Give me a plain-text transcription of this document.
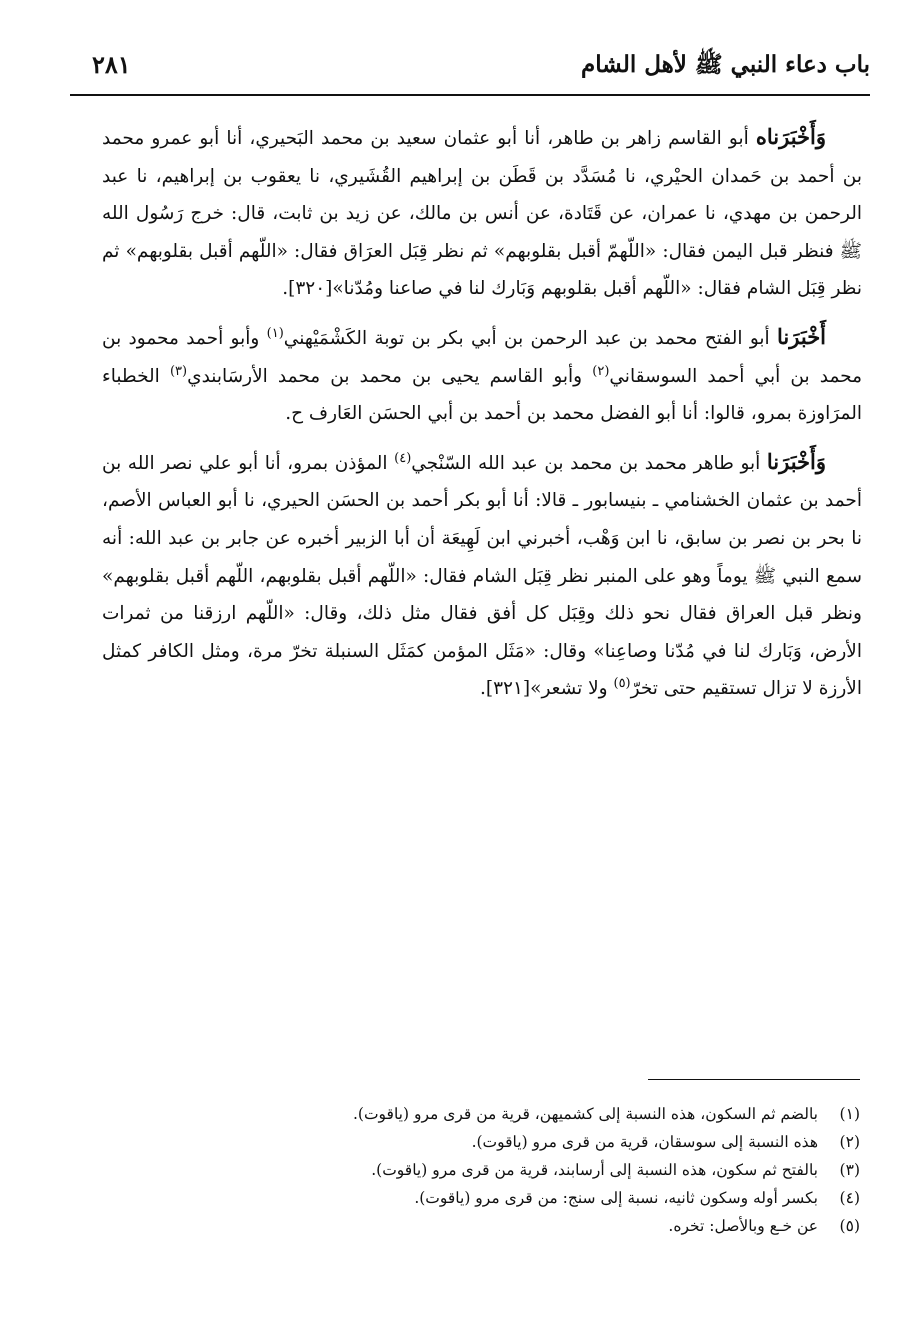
باب دعاء النبي ﷺ لأهل الشام
٢٨١

وَأَخْبَرَناه أبو القاسم زاهر بن طاهر، أنا أبو عثمان سعيد بن محمد البَحيري، أنا أبو عمرو محمد بن أحمد بن حَمدان الحيْري، نا مُسَدَّد بن قَطَن بن إبراهيم القُشَيري، نا يعقوب بن إبراهيم، نا عبد الرحمن بن مهدي، نا عمران، عن قَتَادة، عن أنس بن مالك، عن زيد بن ثابت، قال: خرج رَسُول الله ﷺ فنظر قبل اليمن فقال: «اللّهمّ أقبل بقلوبهم» ثم نظر قِبَل العرَاق فقال: «اللّهم أقبل بقلوبهم» ثم نظر قِبَل الشام فقال: «اللّهم أقبل بقلوبهم وَبَارك لنا في صاعنا ومُدّنا»[٣٢٠].

أَخْبَرَنا أبو الفتح محمد بن عبد الرحمن بن أبي بكر بن توبة الكَشْمَيْهني$^{(١)}$ وأبو أحمد محمود بن محمد بن أبي أحمد السوسقاني$^{(٢)}$ وأبو القاسم يحيى بن محمد بن محمد الأرسَابندي$^{(٣)}$ الخطباء المرَاوزة بمرو، قالوا: أنا أبو الفضل محمد بن أحمد بن أبي الحسَن العَارف ح.

وَأَخْبَرَنا أبو طاهر محمد بن محمد بن عبد الله السّنْجي$^{(٤)}$ المؤذن بمرو، أنا أبو علي نصر الله بن أحمد بن عثمان الخشنامي ـ بنيسابور ـ قالا: أنا أبو بكر أحمد بن الحسَن الحيري، نا أبو العباس الأصم، نا بحر بن نصر بن سابق، نا ابن وَهْب، أخبرني ابن لَهِيعَة أن أبا الزبير أخبره عن جابر بن عبد الله: أنه سمع النبي ﷺ يوماً وهو على المنبر نظر قِبَل الشام فقال: «اللّهم أقبل بقلوبهم، اللّهم أقبل بقلوبهم» ونظر قبل العراق فقال نحو ذلك وقِبَل كل أفق فقال مثل ذلك، وقال: «اللّهم ارزقنا من ثمرات الأرض، وَبَارك لنا في مُدّنا وصاعِنا» وقال: «مَثَل المؤمن كمَثَل السنبلة تخرّ مرة، ومثل الكافر كمثل الأرزة لا تزال تستقيم حتى تخرّ$^{(٥)}$ ولا تشعر»[٣٢١].

(١)بالضم ثم السكون، هذه النسبة إلى كشميهن، قرية من قرى مرو (ياقوت).
(٢)هذه النسبة إلى سوسقان، قرية من قرى مرو (ياقوت).
(٣)بالفتح ثم سكون، هذه النسبة إلى أرسابند، قرية من قرى مرو (ياقوت).
(٤)بكسر أوله وسكون ثانيه، نسبة إلى سنج: من قرى مرو (ياقوت).
(٥)عن خـع وبالأصل: تخره.
